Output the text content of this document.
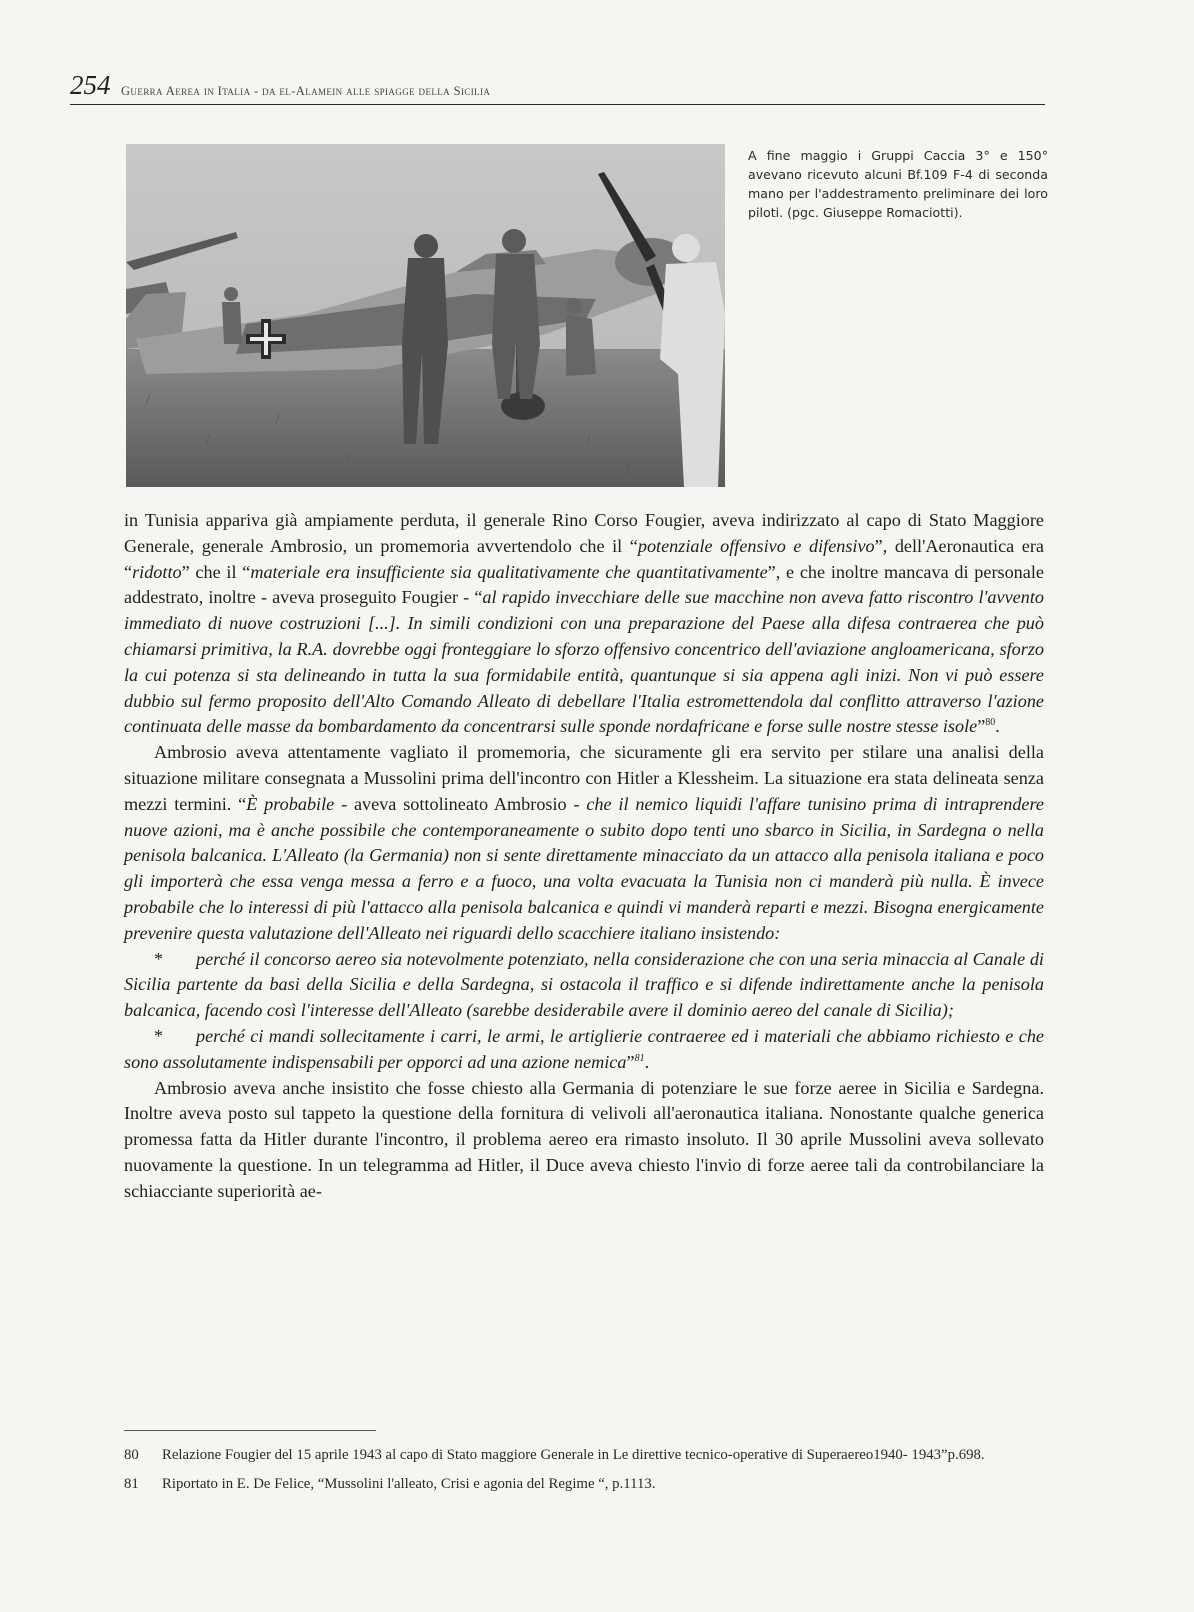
254 Guerra Aerea in Italia - da el-Alamein alle spiagge della Sicilia

A fine maggio i Gruppi Caccia 3° e 150° avevano ricevuto alcuni Bf.109 F-4 di seconda mano per l'addestramento preliminare dei loro piloti. (pgc. Giuseppe Romaciotti).

in Tunisia appariva già ampiamente perduta, il generale Rino Corso Fougier, aveva indirizzato al capo di Stato Maggiore Generale, generale Ambrosio, un promemoria avvertendolo che il “potenziale offensivo e difensivo”, dell'Aeronautica era “ridotto” che il “materiale era insufficiente sia qualitativamente che quantitativamente”, e che inoltre mancava di personale addestrato, inoltre - aveva proseguito Fougier - “al rapido invecchiare delle sue macchine non aveva fatto riscontro l'avvento immediato di nuove costruzioni [...]. In simili condizioni con una preparazione del Paese alla difesa contraerea che può chiamarsi primitiva, la R.A. dovrebbe oggi fronteggiare lo sforzo offensivo concentrico dell'aviazione angloamericana, sforzo la cui potenza si sta delineando in tutta la sua formidabile entità, quantunque si sia appena agli inizi. Non vi può essere dubbio sul fermo proposito dell'Alto Comando Alleato di debellare l'Italia estromettendola dal conflitto attraverso l'azione continuata delle masse da bombardamento da concentrarsi sulle sponde nordafricane e forse sulle nostre stesse isole”$^{80}$.

Ambrosio aveva attentamente vagliato il promemoria, che sicuramente gli era servito per stilare una analisi della situazione militare consegnata a Mussolini prima dell'incontro con Hitler a Klessheim. La situazione era stata delineata senza mezzi termini. “È probabile - aveva sottolineato Ambrosio - che il nemico liquidi l'affare tunisino prima di intraprendere nuove azioni, ma è anche possibile che contemporaneamente o subito dopo tenti uno sbarco in Sicilia, in Sardegna o nella penisola balcanica. L'Alleato (la Germania) non si sente direttamente minacciato da un attacco alla penisola italiana e poco gli importerà che essa venga messa a ferro e a fuoco, una volta evacuata la Tunisia non ci manderà più nulla. È invece probabile che lo interessi di più l'attacco alla penisola balcanica e quindi vi manderà reparti e mezzi. Bisogna energicamente prevenire questa valutazione dell'Alleato nei riguardi dello scacchiere italiano insistendo:

* perché il concorso aereo sia notevolmente potenziato, nella considerazione che con una seria minaccia al Canale di Sicilia partente da basi della Sicilia e della Sardegna, si ostacola il traffico e si difende indirettamente anche la penisola balcanica, facendo così l'interesse dell'Alleato (sarebbe desiderabile avere il dominio aereo del canale di Sicilia);

* perché ci mandi sollecitamente i carri, le armi, le artiglierie contraeree ed i materiali che abbiamo richiesto e che sono assolutamente indispensabili per opporci ad una azione nemica”$^{81}$.

Ambrosio aveva anche insistito che fosse chiesto alla Germania di potenziare le sue forze aeree in Sicilia e Sardegna. Inoltre aveva posto sul tappeto la questione della fornitura di velivoli all'aeronautica italiana. Nonostante qualche generica promessa fatta da Hitler durante l'incontro, il problema aereo era rimasto insoluto. Il 30 aprile Mussolini aveva sollevato nuovamente la questione. In un telegramma ad Hitler, il Duce aveva chiesto l'invio di forze aeree tali da controbilanciare la schiacciante superiorità ae-

80	Relazione Fougier del 15 aprile 1943 al capo di Stato maggiore Generale in Le direttive tecnico-operative di Superaereo1940- 1943”p.698.
81	Riportato in E. De Felice, “Mussolini l'alleato, Crisi e agonia del Regime “, p.1113.
